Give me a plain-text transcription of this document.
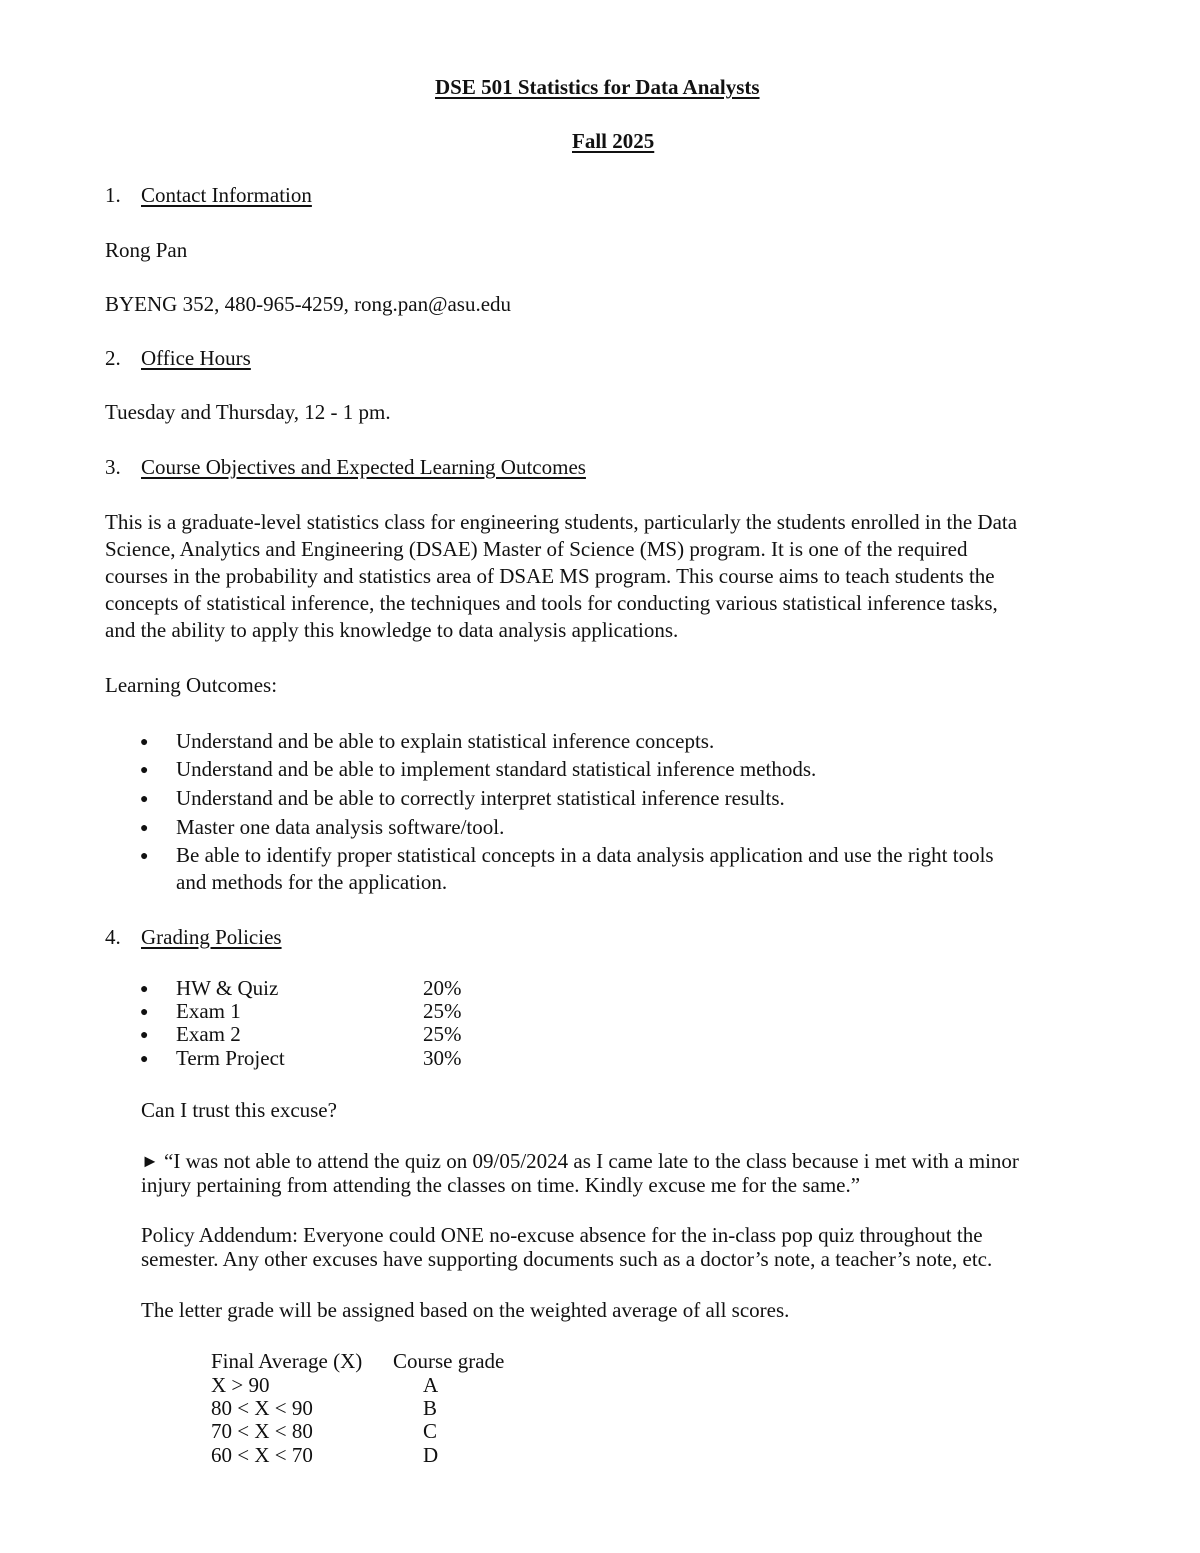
DSE 501 Statistics for Data Analysts
Fall 2025
1. Contact Information
Rong Pan
BYENG 352, 480-965-4259, rong.pan@asu.edu
2. Office Hours
Tuesday and Thursday, 12 - 1 pm.
3. Course Objectives and Expected Learning Outcomes
This is a graduate-level statistics class for engineering students, particularly the students enrolled in the Data
Science, Analytics and Engineering (DSAE) Master of Science (MS) program. It is one of the required
courses in the probability and statistics area of DSAE MS program. This course aims to teach students the
concepts of statistical inference, the techniques and tools for conducting various statistical inference tasks,
and the ability to apply this knowledge to data analysis applications.
Learning Outcomes:
● Understand and be able to explain statistical inference concepts.
● Understand and be able to implement standard statistical inference methods.
● Understand and be able to correctly interpret statistical inference results.
● Master one data analysis software/tool.
● Be able to identify proper statistical concepts in a data analysis application and use the right tools
and methods for the application.
4. Grading Policies
● HW & Quiz	20%
● Exam 1	25%
● Exam 2	25%
● Term Project	30%
Can I trust this excuse?
► “I was not able to attend the quiz on 09/05/2024 as I came late to the class because i met with a minor
injury pertaining from attending the classes on time. Kindly excuse me for the same.”
Policy Addendum: Everyone could ONE no-excuse absence for the in-class pop quiz throughout the
semester. Any other excuses have supporting documents such as a doctor’s note, a teacher’s note, etc.
The letter grade will be assigned based on the weighted average of all scores.
Final Average (X) Course grade
X > 90	A
80 < X < 90	B
70 < X < 80	C
60 < X < 70	D
